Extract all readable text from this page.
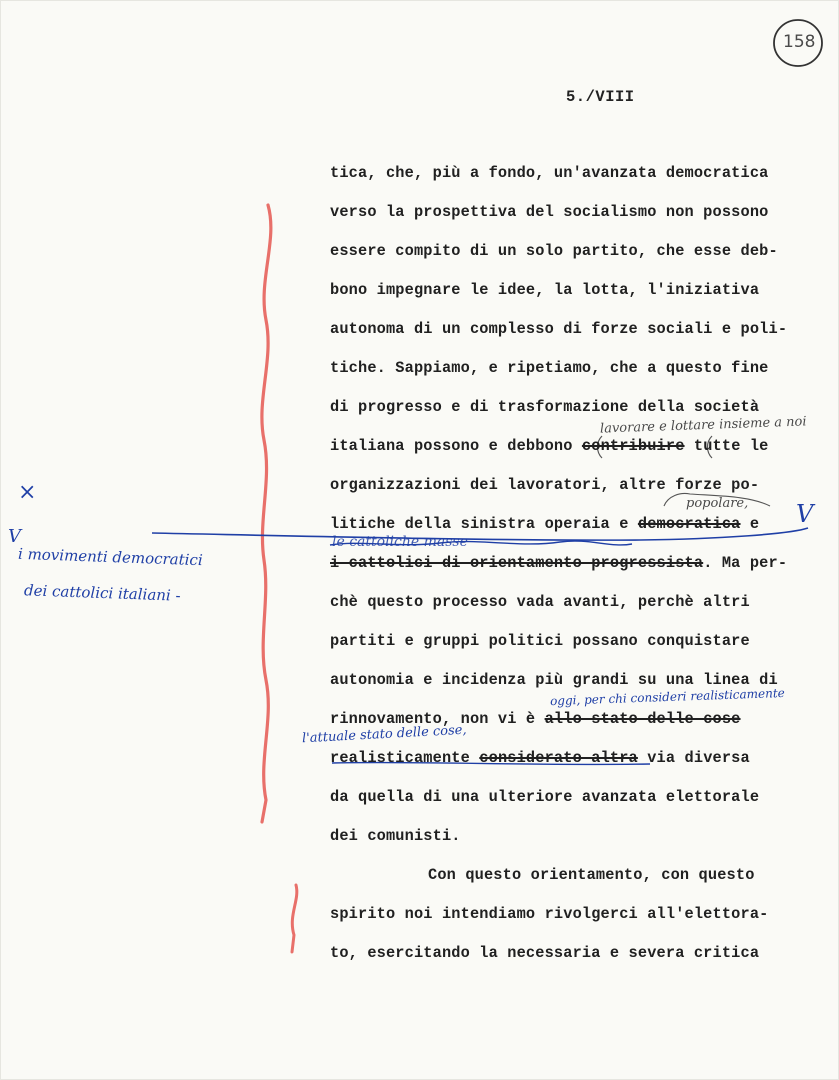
158
5./VIII
tica, che, più a fondo, un'avanzata democratica
verso la prospettiva del socialismo non possono
essere compito di un solo partito, che esse deb-
bono impegnare le idee, la lotta, l'iniziativa
autonoma di un complesso di forze sociali e poli-
tiche. Sappiamo, e ripetiamo, che a questo fine
di progresso e di trasformazione della società
italiana possono e debbono contribuire tutte le
organizzazioni dei lavoratori, altre forze po-
litiche della sinistra operaia e democratica e
i cattolici di orientamento progressista. Ma per-
chè questo processo vada avanti, perchè altri
partiti e gruppi politici possano conquistare
autonomia e incidenza più grandi su una linea di
rinnovamento, non vi è allo stato delle cose
realisticamente considerato altra via diversa
da quella di una ulteriore avanzata elettorale
dei comunisti.
Con questo orientamento, con questo
spirito noi intendiamo rivolgerci all'elettora-
to, esercitando la necessaria e severa critica
lavorare e lottare insieme a noi
popolare,
le cattoliche masse
×
V
V
i movimenti democratici
dei cattolici italiani -
oggi, per chi consideri realisticamente
l'attuale stato delle cose,
